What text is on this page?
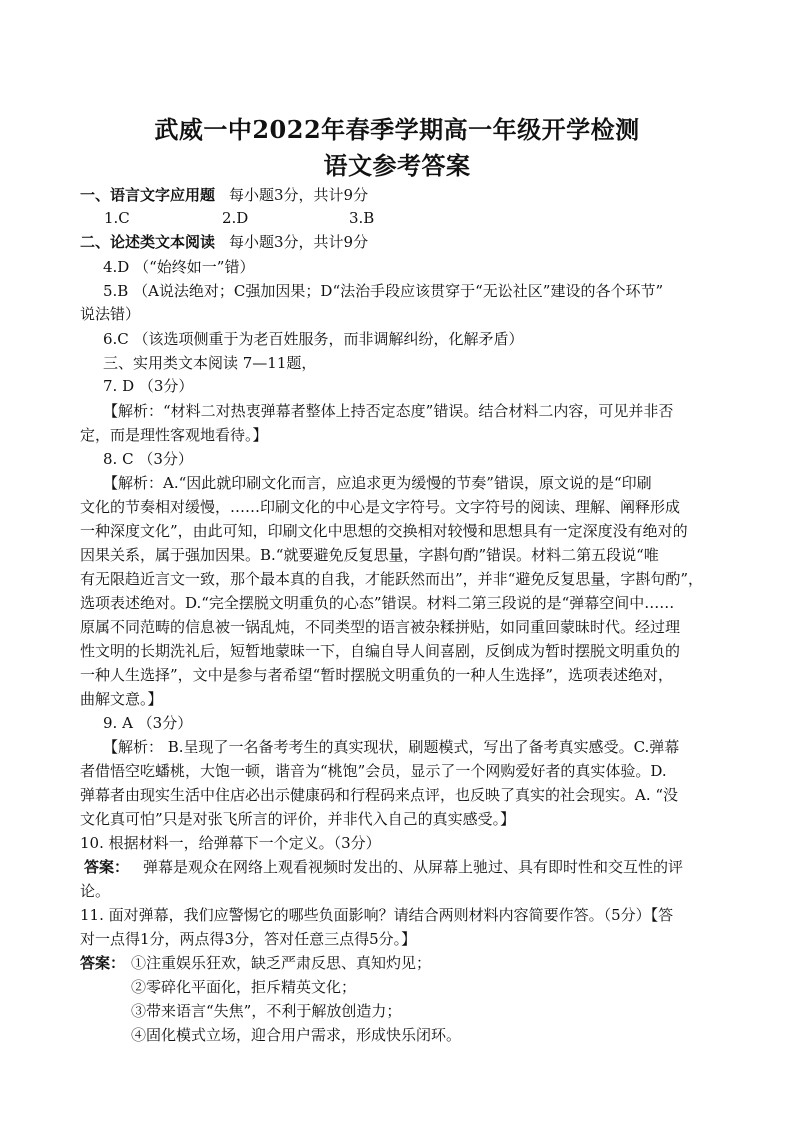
武威一中2022年春季学期高一年级开学检测
语文参考答案
一、语言文字应用题 每小题3分，共计9分
1.C	2.D	3.B
二、论述类文本阅读 每小题3分，共计9分
4.D （“始终如一”错）
5.B （A说法绝对；C强加因果；D“法治手段应该贯穿于“无讼社区”建设的各个环节”
说法错）
6.C （该选项侧重于为老百姓服务，而非调解纠纷，化解矛盾）
三、实用类文本阅读 7—11题，
7. D （3分）
【解析：“材料二对热衷弹幕者整体上持否定态度”错误。结合材料二内容，可见并非否
定，而是理性客观地看待。】
8. C （3分）
【解析：A.“因此就印刷文化而言，应追求更为缓慢的节奏”错误，原文说的是“印刷
文化的节奏相对缓慢，……印刷文化的中心是文字符号。文字符号的阅读、理解、阐释形成
一种深度文化”，由此可知，印刷文化中思想的交换相对较慢和思想具有一定深度没有绝对的
因果关系，属于强加因果。B.“就要避免反复思量，字斟句酌”错误。材料二第五段说“唯
有无限趋近言文一致，那个最本真的自我，才能跃然而出”，并非“避免反复思量，字斟句酌”，
选项表述绝对。D.“完全摆脱文明重负的心态”错误。材料二第三段说的是“弹幕空间中……
原属不同范畴的信息被一锅乱炖，不同类型的语言被杂糅拼贴，如同重回蒙昧时代。经过理
性文明的长期洗礼后，短暂地蒙昧一下，自编自导人间喜剧，反倒成为暂时摆脱文明重负的
一种人生选择”，文中是参与者希望“暂时摆脱文明重负的一种人生选择”，选项表述绝对，
曲解文意。】
9. A （3分）
【解析： B.呈现了一名备考考生的真实现状，刷题模式，写出了备考真实感受。C.弹幕
者借悟空吃蟠桃，大饱一顿，谐音为“桃饱”会员，显示了一个网购爱好者的真实体验。D.
弹幕者由现实生活中住店必出示健康码和行程码来点评，也反映了真实的社会现实。A. “没
文化真可怕”只是对张飞所言的评价，并非代入自己的真实感受。】
10. 根据材料一，给弹幕下一个定义。（3分）
答案： 弹幕是观众在网络上观看视频时发出的、从屏幕上驰过、具有即时性和交互性的评
论。
11. 面对弹幕，我们应警惕它的哪些负面影响？请结合两则材料内容简要作答。（5分）【答
对一点得1分，两点得3分，答对任意三点得5分。】
答案： ①注重娱乐狂欢，缺乏严肃反思、真知灼见；
②零碎化平面化，拒斥精英文化；
③带来语言“失焦”，不利于解放创造力；
④固化模式立场，迎合用户需求，形成快乐闭环。
